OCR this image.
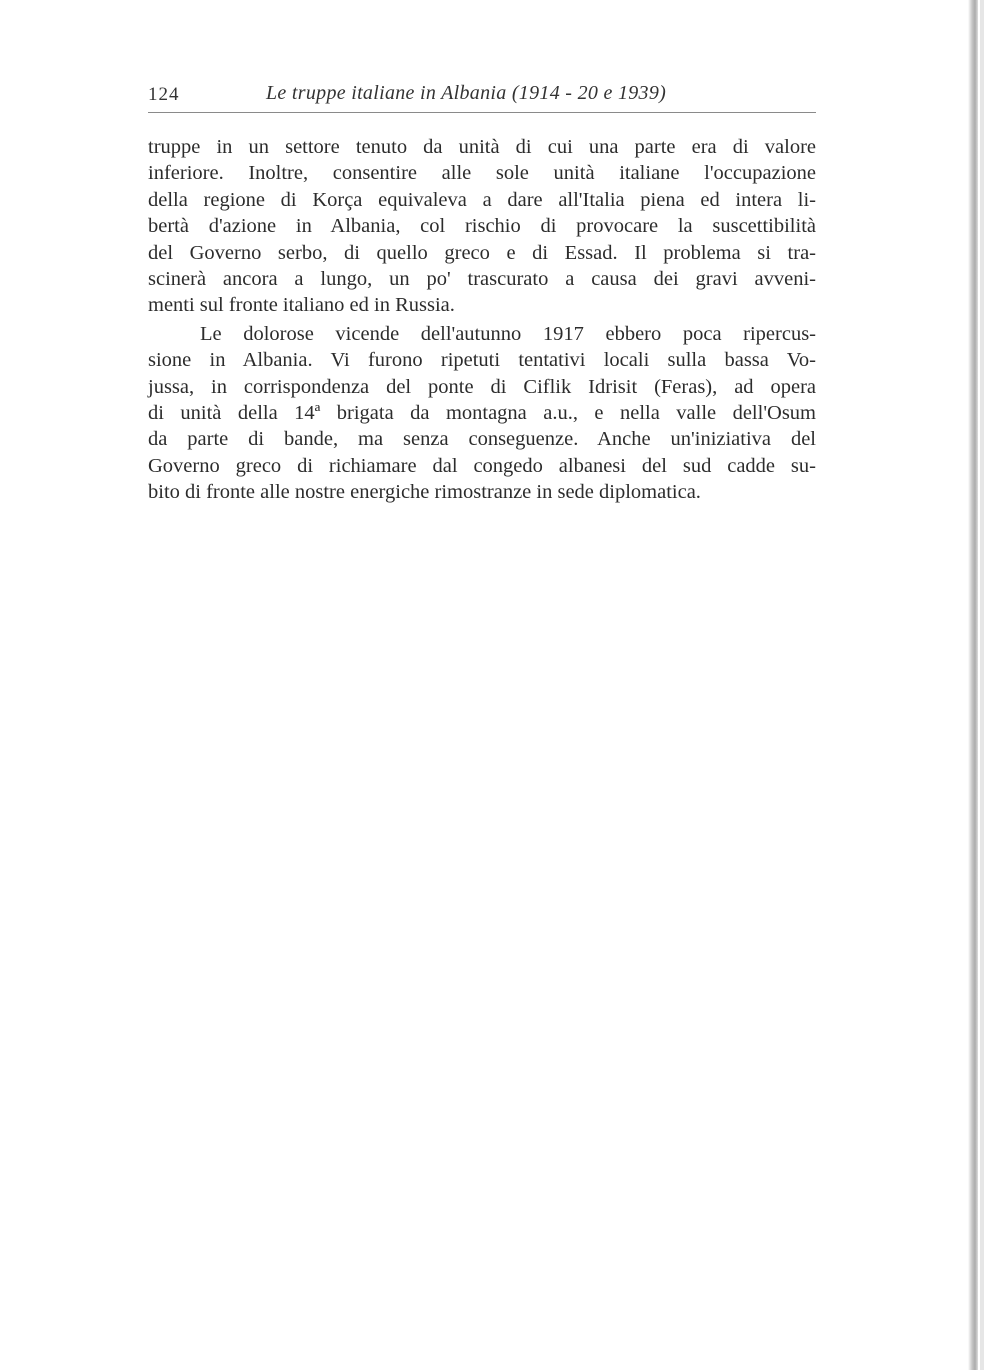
124	Le truppe italiane in Albania (1914 - 20 e 1939)

truppe in un settore tenuto da unità di cui una parte era di valore
inferiore. Inoltre, consentire alle sole unità italiane l'occupazione
della regione di Korça equivaleva a dare all'Italia piena ed intera li-
bertà d'azione in Albania, col rischio di provocare la suscettibilità
del Governo serbo, di quello greco e di Essad. Il problema si tra-
scinerà ancora a lungo, un po' trascurato a causa dei gravi avveni-
menti sul fronte italiano ed in Russia.

Le dolorose vicende dell'autunno 1917 ebbero poca ripercus-
sione in Albania. Vi furono ripetuti tentativi locali sulla bassa Vo-
jussa, in corrispondenza del ponte di Ciflik Idrisit (Feras), ad opera
di unità della 14ª brigata da montagna a.u., e nella valle dell'Osum
da parte di bande, ma senza conseguenze. Anche un'iniziativa del
Governo greco di richiamare dal congedo albanesi del sud cadde su-
bito di fronte alle nostre energiche rimostranze in sede diplomatica.
